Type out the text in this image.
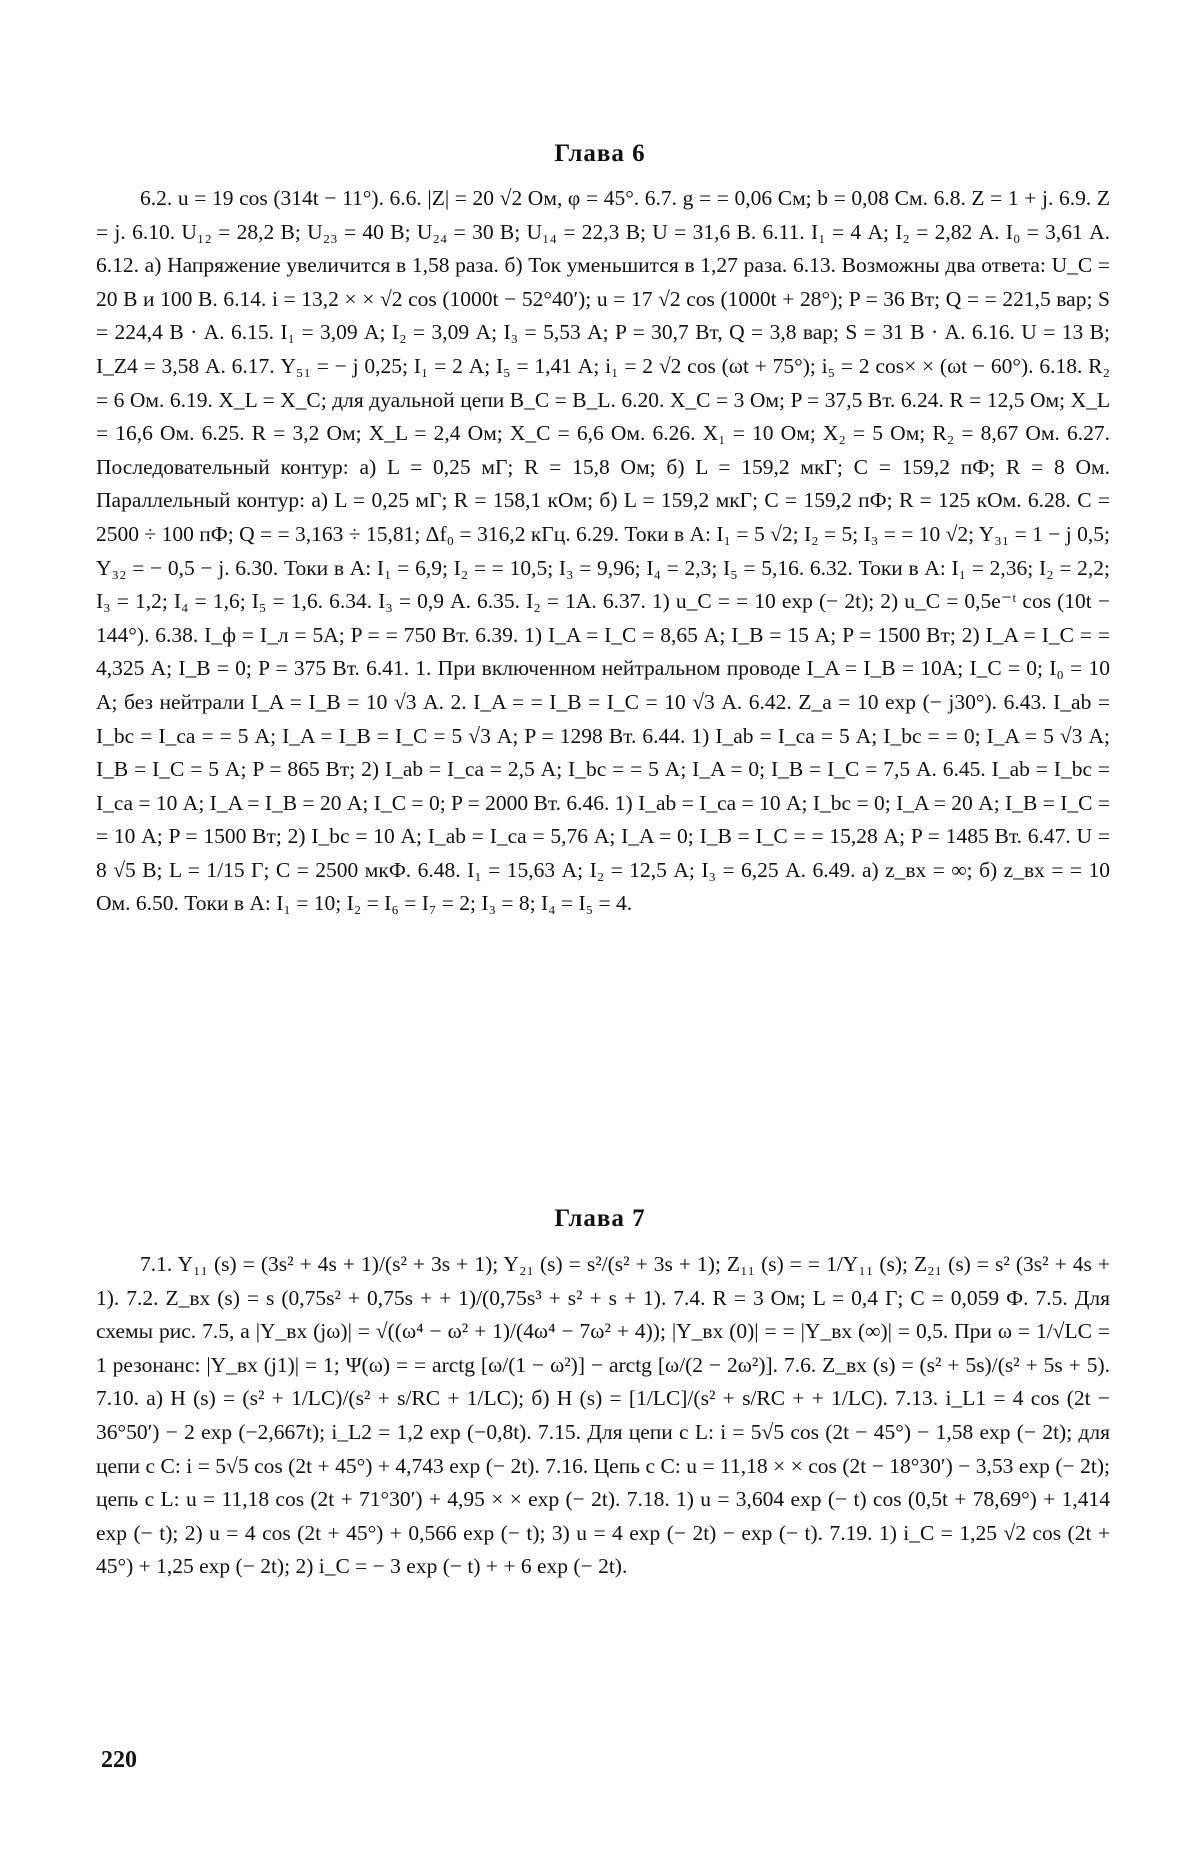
Глава 6

6.2. u = 19 cos (314t − 11°). 6.6. |Z| = 20 √2 Ом, φ = 45°. 6.7. g = = 0,06 См; b = 0,08 См. 6.8. Z = 1 + j. 6.9. Z = j. 6.10. U₁₂ = 28,2 В; U₂₃ = 40 В; U₂₄ = 30 В; U₁₄ = 22,3 В; U = 31,6 В. 6.11. I₁ = 4 А; I₂ = 2,82 А. I₀ = 3,61 А. 6.12. а) Напряжение увеличится в 1,58 раза. б) Ток уменьшится в 1,27 раза. 6.13. Возможны два ответа: U_C = 20 В и 100 В. 6.14. i = 13,2 × × √2 cos (1000t − 52°40′); u = 17 √2 cos (1000t + 28°); P = 36 Вт; Q = = 221,5 вар; S = 224,4 В · А. 6.15. I₁ = 3,09 А; I₂ = 3,09 А; I₃ = 5,53 А; P = 30,7 Вт, Q = 3,8 вар; S = 31 В · А. 6.16. U = 13 В; I_Z4 = 3,58 А. 6.17. Y₅₁ = − j 0,25; I₁ = 2 А; I₅ = 1,41 А; i₁ = 2 √2 cos (ωt + 75°); i₅ = 2 cos× × (ωt − 60°). 6.18. R₂ = 6 Ом. 6.19. X_L = X_C; для дуальной цепи B_C = B_L. 6.20. X_C = 3 Ом; P = 37,5 Вт. 6.24. R = 12,5 Ом; X_L = 16,6 Ом. 6.25. R = 3,2 Ом; X_L = 2,4 Ом; X_C = 6,6 Ом. 6.26. X₁ = 10 Ом; X₂ = 5 Ом; R₂ = 8,67 Ом. 6.27. Последовательный контур: а) L = 0,25 мГ; R = 15,8 Ом; б) L = 159,2 мкГ; C = 159,2 пФ; R = 8 Ом. Параллельный контур: а) L = 0,25 мГ; R = 158,1 кОм; б) L = 159,2 мкГ; C = 159,2 пФ; R = 125 кОм. 6.28. C = 2500 ÷ 100 пФ; Q = = 3,163 ÷ 15,81; Δf₀ = 316,2 кГц. 6.29. Токи в А: I₁ = 5 √2; I₂ = 5; I₃ = = 10 √2; Y₃₁ = 1 − j 0,5; Y₃₂ = − 0,5 − j. 6.30. Токи в А: I₁ = 6,9; I₂ = = 10,5; I₃ = 9,96; I₄ = 2,3; I₅ = 5,16. 6.32. Токи в А: I₁ = 2,36; I₂ = 2,2; I₃ = 1,2; I₄ = 1,6; I₅ = 1,6. 6.34. I₃ = 0,9 А. 6.35. I₂ = 1А. 6.37. 1) u_C = = 10 exp (− 2t); 2) u_C = 0,5e⁻ᵗ cos (10t − 144°). 6.38. I_ф = I_л = 5А; P = = 750 Вт. 6.39. 1) I_A = I_C = 8,65 А; I_B = 15 А; P = 1500 Вт; 2) I_A = I_C = = 4,325 А; I_B = 0; P = 375 Вт. 6.41. 1. При включенном нейтральном проводе I_A = I_B = 10А; I_C = 0; I₀ = 10 А; без нейтрали I_A = I_B = 10 √3 А. 2. I_A = = I_B = I_C = 10 √3 А. 6.42. Z_a = 10 exp (− j30°). 6.43. I_ab = I_bc = I_ca = = 5 А; I_A = I_B = I_C = 5 √3 А; P = 1298 Вт. 6.44. 1) I_ab = I_ca = 5 А; I_bc = = 0; I_A = 5 √3 А; I_B = I_C = 5 А; P = 865 Вт; 2) I_ab = I_ca = 2,5 А; I_bc = = 5 А; I_A = 0; I_B = I_C = 7,5 А. 6.45. I_ab = I_bc = I_ca = 10 А; I_A = I_B = 20 А; I_C = 0; P = 2000 Вт. 6.46. 1) I_ab = I_ca = 10 А; I_bc = 0; I_A = 20 А; I_B = I_C = = 10 А; P = 1500 Вт; 2) I_bc = 10 А; I_ab = I_ca = 5,76 А; I_A = 0; I_B = I_C = = 15,28 А; P = 1485 Вт. 6.47. U = 8 √5 В; L = 1/15 Г; C = 2500 мкФ. 6.48. I₁ = 15,63 А; I₂ = 12,5 А; I₃ = 6,25 А. 6.49. а) z_вх = ∞; б) z_вх = = 10 Ом. 6.50. Токи в А: I₁ = 10; I₂ = I₆ = I₇ = 2; I₃ = 8; I₄ = I₅ = 4.

Глава 7

7.1. Y₁₁ (s) = (3s² + 4s + 1)/(s² + 3s + 1); Y₂₁ (s) = s²/(s² + 3s + 1); Z₁₁ (s) = = 1/Y₁₁ (s); Z₂₁ (s) = s² (3s² + 4s + 1). 7.2. Z_вх (s) = s (0,75s² + 0,75s + + 1)/(0,75s³ + s² + s + 1). 7.4. R = 3 Ом; L = 0,4 Г; C = 0,059 Ф. 7.5. Для схемы рис. 7.5, а |Y_вх (jω)| = √((ω⁴ − ω² + 1)/(4ω⁴ − 7ω² + 4)); |Y_вх (0)| = = |Y_вх (∞)| = 0,5. При ω = 1/√LC = 1 резонанс: |Y_вх (j1)| = 1; Ψ(ω) = = arctg [ω/(1 − ω²)] − arctg [ω/(2 − 2ω²)]. 7.6. Z_вх (s) = (s² + 5s)/(s² + 5s + 5). 7.10. а) H (s) = (s² + 1/LC)/(s² + s/RC + 1/LC); б) H (s) = [1/LC]/(s² + s/RC + + 1/LC). 7.13. i_L1 = 4 cos (2t − 36°50′) − 2 exp (−2,667t); i_L2 = 1,2 exp (−0,8t). 7.15. Для цепи с L: i = 5√5 cos (2t − 45°) − 1,58 exp (− 2t); для цепи с C: i = 5√5 cos (2t + 45°) + 4,743 exp (− 2t). 7.16. Цепь с C: u = 11,18 × × cos (2t − 18°30′) − 3,53 exp (− 2t); цепь с L: u = 11,18 cos (2t + 71°30′) + 4,95 × × exp (− 2t). 7.18. 1) u = 3,604 exp (− t) cos (0,5t + 78,69°) + 1,414 exp (− t); 2) u = 4 cos (2t + 45°) + 0,566 exp (− t); 3) u = 4 exp (− 2t) − exp (− t). 7.19. 1) i_C = 1,25 √2 cos (2t + 45°) + 1,25 exp (− 2t); 2) i_C = − 3 exp (− t) + + 6 exp (− 2t).

220
